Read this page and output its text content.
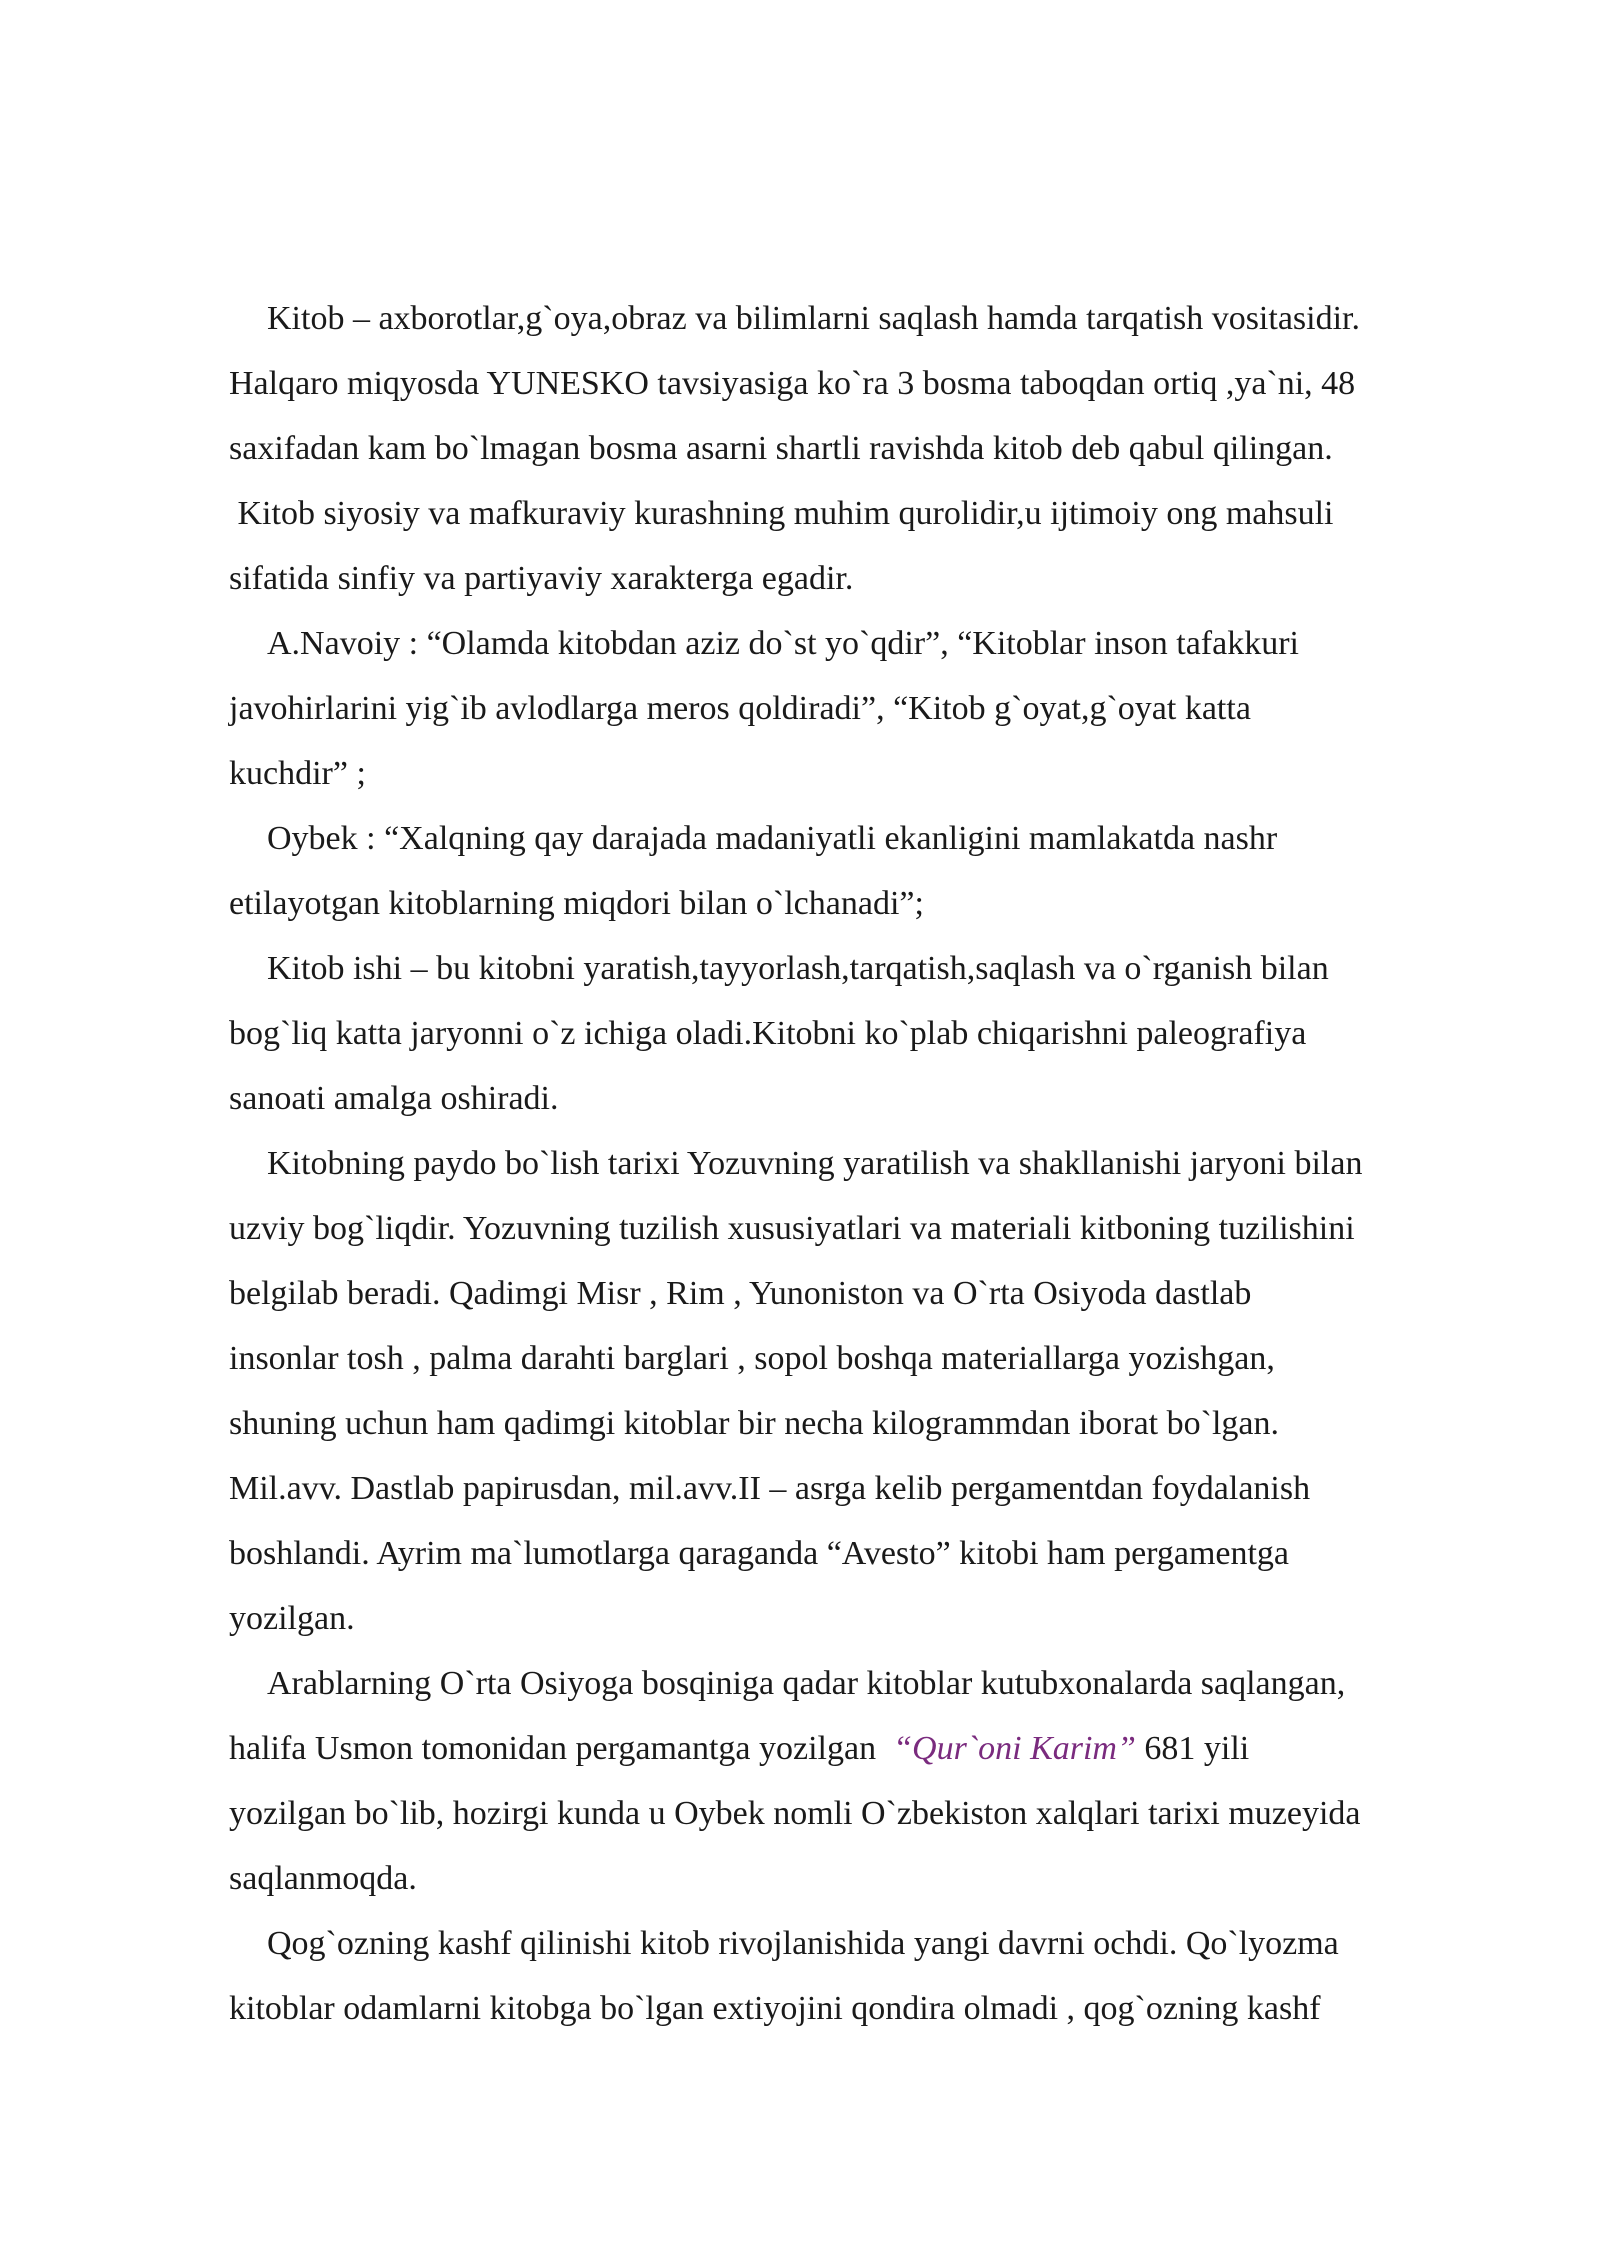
Kitob – axborotlar,g`oya,obraz va bilimlarni saqlash hamda tarqatish vositasidir.
Halqaro miqyosda YUNESKO tavsiyasiga ko`ra 3 bosma taboqdan ortiq ,ya`ni, 48
saxifadan kam bo`lmagan bosma asarni shartli ravishda kitob deb qabul qilingan.
Kitob siyosiy va mafkuraviy kurashning muhim qurolidir,u ijtimoiy ong mahsuli
sifatida sinfiy va partiyaviy xarakterga egadir.
A.Navoiy : “Olamda kitobdan aziz do`st yo`qdir”, “Kitoblar inson tafakkuri
javohirlarini yig`ib avlodlarga meros qoldiradi”, “Kitob g`oyat,g`oyat katta
kuchdir” ;
Oybek : “Xalqning qay darajada madaniyatli ekanligini mamlakatda nashr
etilayotgan kitoblarning miqdori bilan o`lchanadi”;
Kitob ishi – bu kitobni yaratish,tayyorlash,tarqatish,saqlash va o`rganish bilan
bog`liq katta jaryonni o`z ichiga oladi.Kitobni ko`plab chiqarishni paleografiya
sanoati amalga oshiradi.
Kitobning paydo bo`lish tarixi Yozuvning yaratilish va shakllanishi jaryoni bilan
uzviy bog`liqdir. Yozuvning tuzilish xususiyatlari va materiali kitboning tuzilishini
belgilab beradi. Qadimgi Misr , Rim , Yunoniston va O`rta Osiyoda dastlab
insonlar tosh , palma darahti barglari , sopol boshqa materiallarga yozishgan,
shuning uchun ham qadimgi kitoblar bir necha kilogrammdan iborat bo`lgan.
Mil.avv. Dastlab papirusdan, mil.avv.II – asrga kelib pergamentdan foydalanish
boshlandi. Ayrim ma`lumotlarga qaraganda “Avesto” kitobi ham pergamentga
yozilgan.
Arablarning O`rta Osiyoga bosqiniga qadar kitoblar kutubxonalarda saqlangan,
halifa Usmon tomonidan pergamantga yozilgan  “Qur`oni Karim” 681 yili
yozilgan bo`lib, hozirgi kunda u Oybek nomli O`zbekiston xalqlari tarixi muzeyida
saqlanmoqda.
Qog`ozning kashf qilinishi kitob rivojlanishida yangi davrni ochdi. Qo`lyozma
kitoblar odamlarni kitobga bo`lgan extiyojini qondira olmadi , qog`ozning kashf
